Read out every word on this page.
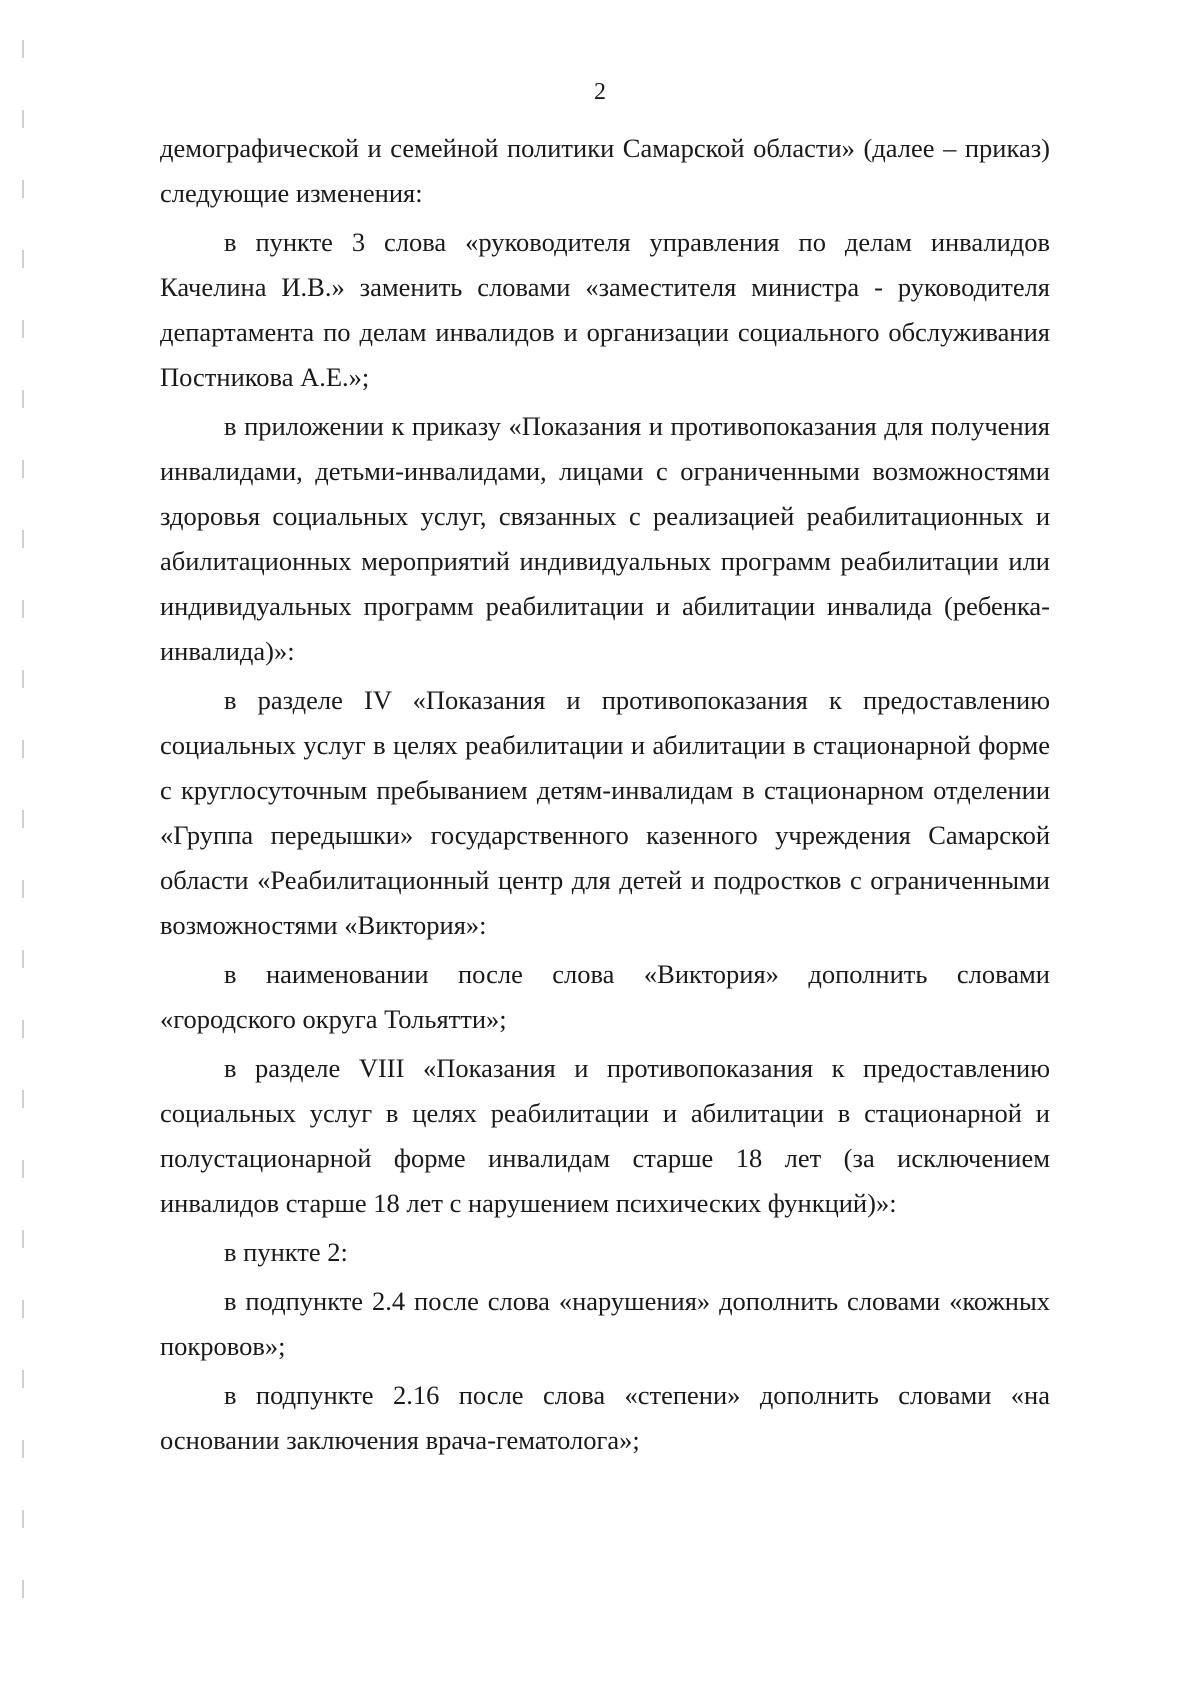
2

демографической и семейной политики Самарской области» (далее – приказ) следующие изменения:

в пункте 3 слова «руководителя управления по делам инвалидов Качелина И.В.» заменить словами «заместителя министра - руководителя департамента по делам инвалидов и организации социального обслуживания Постникова А.Е.»;

в приложении к приказу «Показания и противопоказания для получения инвалидами, детьми-инвалидами, лицами с ограниченными возможностями здоровья социальных услуг, связанных с реализацией реабилитационных и абилитационных мероприятий индивидуальных программ реабилитации или индивидуальных программ реабилитации и абилитации инвалида (ребенка-инвалида)»:

в разделе IV «Показания и противопоказания к предоставлению социальных услуг в целях реабилитации и абилитации в стационарной форме с круглосуточным пребыванием детям-инвалидам в стационарном отделении «Группа передышки» государственного казенного учреждения Самарской области «Реабилитационный центр для детей и подростков с ограниченными возможностями «Виктория»:

в наименовании после слова «Виктория» дополнить словами «городского округа Тольятти»;

в разделе VIII «Показания и противопоказания к предоставлению социальных услуг в целях реабилитации и абилитации в стационарной и полустационарной форме инвалидам старше 18 лет (за исключением инвалидов старше 18 лет с нарушением психических функций)»:

в пункте 2:

в подпункте 2.4 после слова «нарушения» дополнить словами «кожных покровов»;

в подпункте 2.16 после слова «степени» дополнить словами «на основании заключения врача-гематолога»;
